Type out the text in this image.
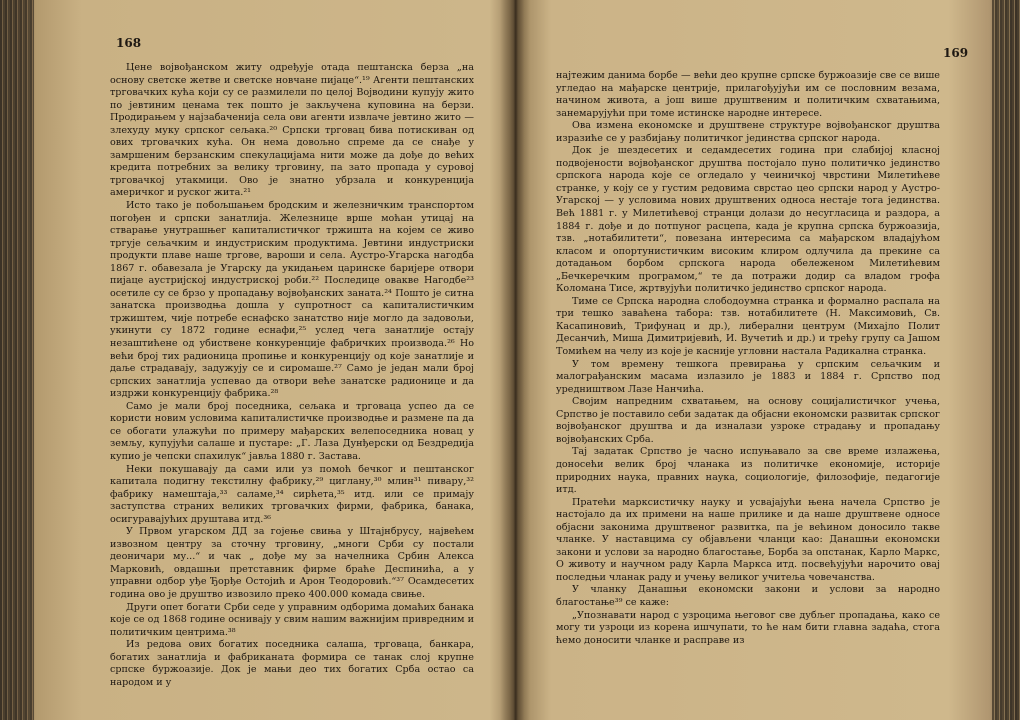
168

Цене војвођанском житу одређује отада пештанска берза „на основу светске жетве и светске новчане пијаце“.¹⁹ Агенти пештанских трговачких кућа који су се размилели по целој Војводини купују жито по јевтиним ценама тек пошто је закључена куповина на берзи. Продирањем у најзабаченија села ови агенти извлаче јевтино жито — злехуду муку српског сељака.²⁰ Српски трговац бива потискиван од ових трговачких кућа. Он нема довољно спреме да се снађе у замршеним берзанским спекулацијама нити може да дође до већих кредита потребних за велику трговину, па зато пропада у суровој трговачкој утакмици. Ово је знатно убрзала и конкуренција америчког и руског жита.²¹

Исто тако је побољшањем бродским и железничким транспортом погођен и српски занатлија. Железнице врше моћан утицај на стварање унутрашњег капиталистичког тржишта на којем се живо тргује сељачким и индустриским продуктима. Јевтини индустриски продукти плаве наше тргове, вароши и села. Аустро-Угарска нагодба 1867 г. обавезала је Угарску да укидањем царинске баријере отвори пијаце аустријској индустриској роби.²² Последице овакве Нагодбе²³ осетиле су се брзо у пропадању војвођанских заната.²⁴ Пошто је ситна занатска производња дошла у супротност са капиталистичким тржиштем, чије потребе еснафско занатство није могло да задовољи, укинути су 1872 године еснафи,²⁵ услед чега занатлије остају незаштићене од убиствене конкуренције фабричких производа.²⁶ Но већи број тих радионица пропиње и конкуренцију од које занатлије и даље страдавају, задужују се и сиромаше.²⁷ Само је један мали број српских занатлија успевао да отвори веће занатске радионице и да издржи конкуренцију фабрика.²⁸

Само је мали број поседника, сељака и трговаца успео да се користи новим условима капиталистичке производње и размене па да се обогати улажући по примеру мађарских велепоседника новац у земљу, купујући салаше и пустаре: „Г. Лаза Дунђерски од Бездредија купио је чепски спахилук“ јавља 1880 г. Застава.

Неки покушавају да сами или уз помоћ бечког и пештанског капитала подигну текстилну фабрику,²⁹ циглану,³⁰ млин³¹ пивару,³² фабрику намештаја,³³ саламе,³⁴ сирћета,³⁵ итд. или се примају заступства страних великих трговачких фирми, фабрика, банака, осигуравајућих друштава итд.³⁶

У Првом угарском ДД за гојење свиња у Штајнбрусу, највећем извозном центру за сточну трговину, „многи Срби су постали деоничари му...“ и чак „ дође му за начелника Србин Алекса Марковић, овдашњи претставник фирме браће Деспинића, а у управни одбор уђе Ђорђе Остојић и Арон Теодоровић.“³⁷ Осамдесетих година ово је друштво извозило преко 400.000 комада свиње.

Други опет богати Срби седе у управним одборима домаћих банака које се од 1868 године оснивају у свим нашим важнијим привредним и политичким центрима.³⁸

Из редова ових богатих поседника салаша, трговаца, банкара, богатих занатлија и фабриканата формира се танак слој крупне српске буржоазије. Док је мањи део тих богатих Срба остао са народом и у

169

најтежим данима борбе — већи део крупне српске буржоазије све се више угледао на мађарске центрије, прилагођујући им се пословним везама, начином живота, а још више друштвеним и политичким схватањима, занемарујући при томе истинске народне интересе.

Ова измена економске и друштвене структуре војвођанског друштва изразиће се у разбијању политичког јединства српског народа.

Док је шездесетих и седамдесетих година при слабијој класној подвојености војвођанског друштва постојало пуно политичко јединство српскога народа које се огледало у чеиничкој чврстини Милетићеве странке, у коју се у густим редовима сврстао цео српски народ у Аустро-Угарској — у условима нових друштвених односа нестаје тога јединства. Већ 1881 г. у Милетићевој странци долази до несугласица и раздора, а 1884 г. дође и до потпуног расцепа, када је крупна српска буржоазија, тзв. „нотабилитети“, повезана интересима са мађарском владајућом класом и опортунистичким високим клиром одлучила да прекине са дотадањом борбом српскога народа обележеном Милетићевим „Бечкеречким програмом,“ те да потражи додир са владом грофа Коломана Тисе, жртвујући политичко јединство српског народа.

Тиме се Српска народна слободоумна странка и формално распала на три тешко заваћена табора: тзв. нотабилитете (Н. Максимовић, Св. Касапиновић, Трифунац и др.), либерални центрум (Михајло Полит Десанчић, Миша Димитријевић, И. Вучетић и др.) и трећу групу са Јашом Томићем на челу из које је касније угловни настала Радикална странка.

У том времену тешкога превирања у српским сељачким и малограђанским масама излазило је 1883 и 1884 г. Српство под уредништвом Лазе Нанчића.

Својим напредним схватањем, на основу социјалистичког учења, Српство је поставило себи задатак да објасни економски развитак српског војвођанског друштва и да изналази узроке страдању и пропадању војвођанских Срба.

Тај задатак Српство је часно испуњавало за све време излажења, доносећи велик број чланака из политичке економије, историје природних наука, правних наука, социологије, филозофије, педагогије итд.

Пратећи марксистичку науку и усвајајући њена начела Српство је настојало да их примени на наше прилике и да наше друштвене односе објасни законима друштвеног развитка, па је већином доносило такве чланке. У наставцима су објављени чланци као: Данашњи економски закони и услови за народно благостање, Борба за опстанак, Карло Маркс, О животу и научном раду Карла Маркса итд. посвећујући нарочито овај последњи чланак раду и учењу великог учитеља човечанства.

У чланку Данашњи економски закони и услови за народно благостање³⁹ се каже:

„Упознавати народ с узроцима његовог све дубљег пропадања, како се могу ти узроци из корена ишчупати, то ће нам бити главна задаћа, стога ћемо доносити чланке и расправе из
